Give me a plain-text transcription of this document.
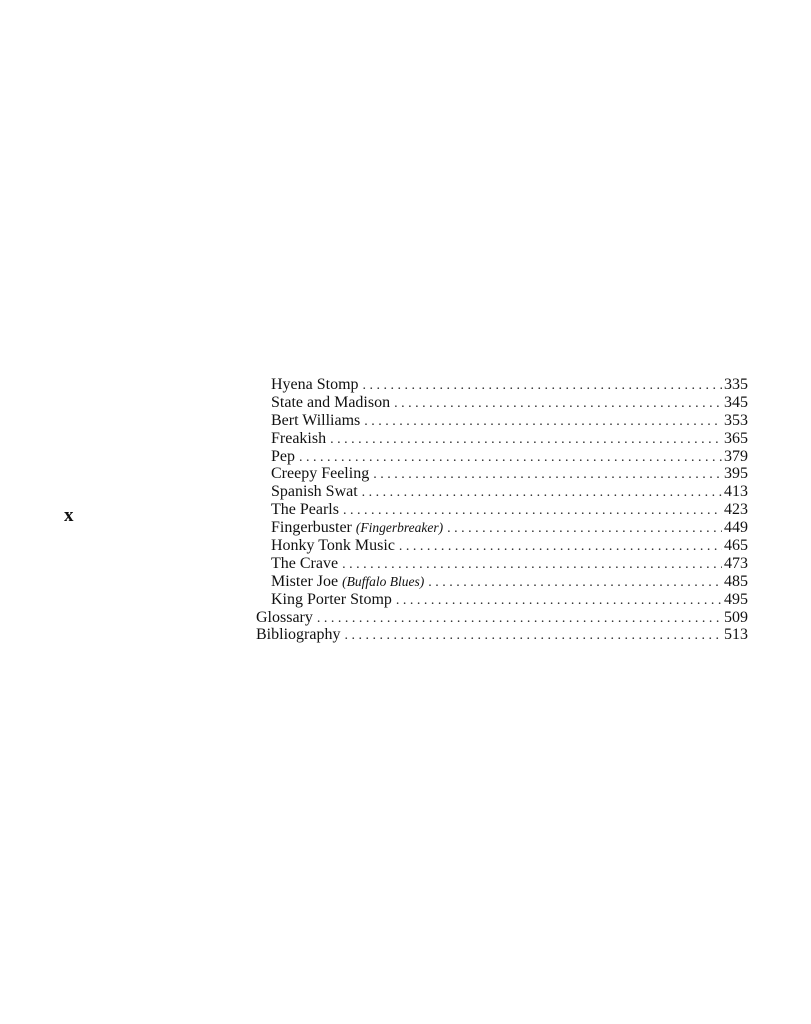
x
Hyena Stomp . . .	335
State and Madison . . .	345
Bert Williams . . .	353
Freakish . . .	365
Pep . . .	379
Creepy Feeling . . .	395
Spanish Swat . . .	413
The Pearls . . .	423
Fingerbuster (Fingerbreaker) . . .	449
Honky Tonk Music . . .	465
The Crave . . .	473
Mister Joe (Buffalo Blues) . . .	485
King Porter Stomp . . .	495
Glossary . . .	509
Bibliography . . .	513
